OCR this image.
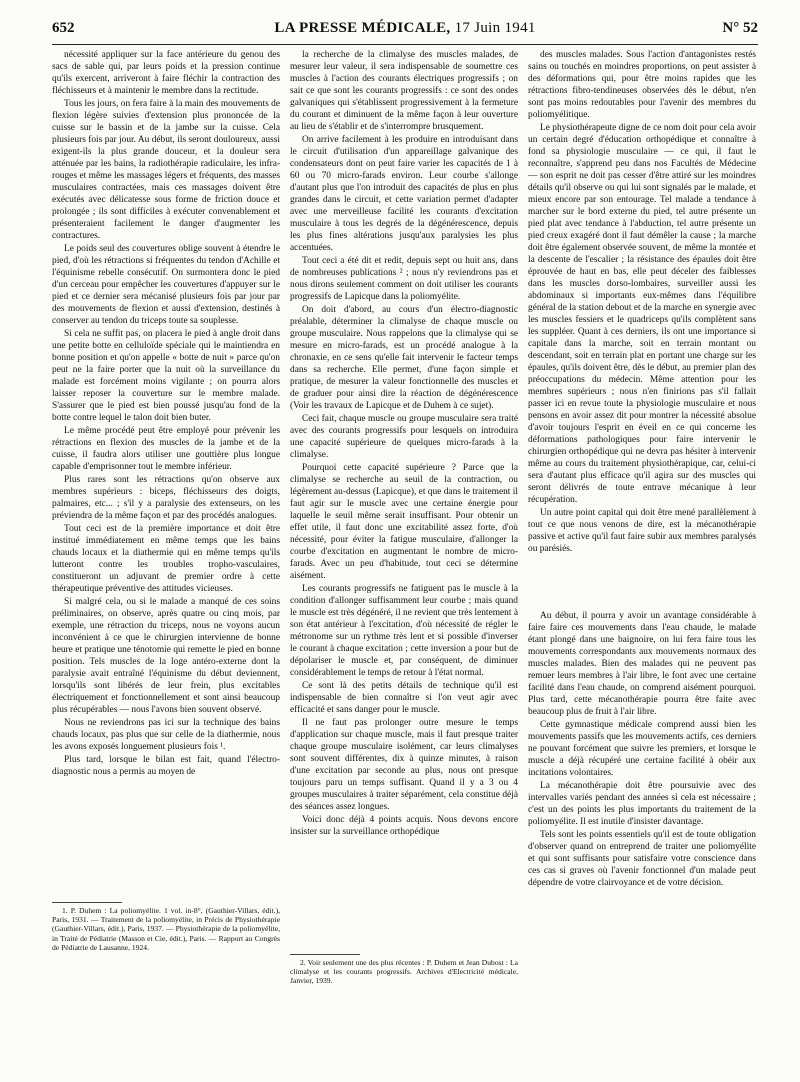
652	LA PRESSE MÉDICALE, 17 Juin 1941	N° 52

nécessité appliquer sur la face antérieure du genou des sacs de sable qui, par leurs poids et la pression continue qu'ils exercent, arriveront à faire fléchir la contraction des fléchisseurs et à maintenir le membre dans la rectitude.

Tous les jours, on fera faire à la main des mouvements de flexion légère suivies d'extension plus prononcée de la cuisse sur le bassin et de la jambe sur la cuisse. Cela plusieurs fois par jour. Au début, ils seront douloureux, aussi exigent-ils la plus grande douceur, et la douleur sera atténuée par les bains, la radiothérapie radiculaire, les infra-rouges et même les massages légers et fréquents, des masses musculaires contractées, mais ces massages doivent être exécutés avec délicatesse sous forme de friction douce et prolongée ; ils sont difficiles à exécuter convenablement et présenteraient facilement le danger d'augmenter les contractures.

Le poids seul des couvertures oblige souvent à étendre le pied, d'où les rétractions si fréquentes du tendon d'Achille et l'équinisme rebelle consécutif. On surmontera donc le pied d'un cerceau pour empêcher les couvertures d'appuyer sur le pied et ce dernier sera mécanisé plusieurs fois par jour par des mouvements de flexion et aussi d'extension, destinés à conserver au tendon du triceps toute sa souplesse.

Si cela ne suffit pas, on placera le pied à angle droit dans une petite botte en celluloïde spéciale qui le maintiendra en bonne position et qu'on appelle « botte de nuit » parce qu'on peut ne la faire porter que la nuit où la surveillance du malade est forcément moins vigilante ; on pourra alors laisser reposer la couverture sur le membre malade. S'assurer que le pied est bien poussé jusqu'au fond de la botte contre lequel le talon doit bien buter.

Le même procédé peut être employé pour prévenir les rétractions en flexion des muscles de la jambe et de la cuisse, il faudra alors utiliser une gouttière plus longue capable d'emprisonner tout le membre inférieur.

Plus rares sont les rétractions qu'on observe aux membres supérieurs : biceps, fléchisseurs des doigts, palmaires, etc... ; s'il y a paralysie des extenseurs, on les préviendra de la même façon et par des procédés analogues.

Tout ceci est de la première importance et doit être institué immédiatement en même temps que les bains chauds locaux et la diathermie qui en même temps qu'ils lutteront contre les troubles tropho-vasculaires, constitueront un adjuvant de premier ordre à cette thérapeutique préventive des attitudes vicieuses.

Si malgré cela, ou si le malade a manqué de ces soins préliminaires, on observe, après quatre ou cinq mois, par exemple, une rétraction du triceps, nous ne voyons aucun inconvénient à ce que le chirurgien intervienne de bonne heure et pratique une ténotomie qui remette le pied en bonne position. Tels muscles de la loge antéro-externe dont la paralysie avait entraîné l'équinisme du début deviennent, lorsqu'ils sont libérés de leur frein, plus excitables électriquement et fonctionnellement et sont ainsi beaucoup plus récupérables — nous l'avons bien souvent observé.

Nous ne reviendrons pas ici sur la technique des bains chauds locaux, pas plus que sur celle de la diathermie, nous les avons exposés longuement plusieurs fois ¹.

Plus tard, lorsque le bilan est fait, quand l'électro-diagnostic nous a permis au moyen de

la recherche de la climalyse des muscles malades, de mesurer leur valeur, il sera indispensable de soumettre ces muscles à l'action des courants électriques progressifs ; on sait ce que sont les courants progressifs : ce sont des ondes galvaniques qui s'établissent progressivement à la fermeture du courant et diminuent de la même façon à leur ouverture au lieu de s'établir et de s'interrompre brusquement.

On arrive facilement à les produire en introduisant dans le circuit d'utilisation d'un appareillage galvanique des condensateurs dont on peut faire varier les capacités de 1 à 60 ou 70 micro-farads environ. Leur courbe s'allonge d'autant plus que l'on introduit des capacités de plus en plus grandes dans le circuit, et cette variation permet d'adapter avec une merveilleuse facilité les courants d'excitation musculaire à tous les degrés de la dégénérescence, depuis les plus fines altérations jusqu'aux paralysies les plus accentuées.

Tout ceci a été dit et redit, depuis sept ou huit ans, dans de nombreuses publications ² ; nous n'y reviendrons pas et nous dirons seulement comment on doit utiliser les courants progressifs de Lapicque dans la poliomyélite.

On doit d'abord, au cours d'un électro-diagnostic préalable, déterminer la climalyse de chaque muscle ou groupe musculaire. Nous rappelons que la climalyse qui se mesure en micro-farads, est un procédé analogue à la chronaxie, en ce sens qu'elle fait intervenir le facteur temps dans sa recherche. Elle permet, d'une façon simple et pratique, de mesurer la valeur fonctionnelle des muscles et de graduer pour ainsi dire la réaction de dégénérescence (Voir les travaux de Lapicque et de Duhem à ce sujet).

Ceci fait, chaque muscle ou groupe musculaire sera traité avec des courants progressifs pour lesquels on introduira une capacité supérieure de quelques micro-farads à la climalyse.

Pourquoi cette capacité supérieure ? Parce que la climalyse se recherche au seuil de la contraction, ou légèrement au-dessus (Lapicque), et que dans le traitement il faut agir sur le muscle avec une certaine énergie pour laquelle le seuil même serait insuffisant. Pour obtenir un effet utile, il faut donc une excitabilité assez forte, d'où nécessité, pour éviter la fatigue musculaire, d'allonger la courbe d'excitation en augmentant le nombre de micro-farads. Avec un peu d'habitude, tout ceci se détermine aisément.

Les courants progressifs ne fatiguent pas le muscle à la condition d'allonger suffisamment leur courbe ; mais quand le muscle est très dégénéré, il ne revient que très lentement à son état antérieur à l'excitation, d'où nécessité de régler le métronome sur un rythme très lent et si possible d'inverser le courant à chaque excitation ; cette inversion a pour but de dépolariser le muscle et, par conséquent, de diminuer considérablement le temps de retour à l'état normal.

Ce sont là des petits détails de technique qu'il est indispensable de bien connaître si l'on veut agir avec efficacité et sans danger pour le muscle.

Il ne faut pas prolonger outre mesure le temps d'application sur chaque muscle, mais il faut presque traiter chaque groupe musculaire isolément, car leurs climalyses sont souvent différentes, dix à quinze minutes, à raison d'une excitation par seconde au plus, nous ont presque toujours paru un temps suffisant. Quand il y a 3 ou 4 groupes musculaires à traiter séparément, cela constitue déjà des séances assez longues.

Voici donc déjà 4 points acquis. Nous devons encore insister sur la surveillance orthopédique

des muscles malades. Sous l'action d'antagonistes restés sains ou touchés en moindres proportions, on peut assister à des déformations qui, pour être moins rapides que les rétractions fibro-tendineuses observées dès le début, n'en sont pas moins redoutables pour l'avenir des membres du poliomyélitique.

Le physiothérapeute digne de ce nom doit pour cela avoir un certain degré d'éducation orthopédique et connaître à fond sa physiologie musculaire — ce qui, il faut le reconnaître, s'apprend peu dans nos Facultés de Médecine — son esprit ne doit pas cesser d'être attiré sur les moindres détails qu'il observe ou qui lui sont signalés par le malade, et mieux encore par son entourage. Tel malade a tendance à marcher sur le bord externe du pied, tel autre présente un pied plat avec tendance à l'abduction, tel autre présente un pied creux exagéré dont il faut démêler la cause ; la marche doit être également observée souvent, de même la montée et la descente de l'escalier ; la résistance des épaules doit être éprouvée de haut en bas, elle peut déceler des faiblesses dans les muscles dorso-lombaires, surveiller aussi les abdominaux si importants eux-mêmes dans l'équilibre général de la station debout et de la marche en synergie avec les muscles fessiers et le quadriceps qu'ils complètent sans les suppléer. Quant à ces derniers, ils ont une importance si capitale dans la marche, soit en terrain montant ou descendant, soit en terrain plat en portant une charge sur les épaules, qu'ils doivent être, dès le début, au premier plan des préoccupations du médecin. Même attention pour les membres supérieurs ; nous n'en finirions pas s'il fallait passer ici en revue toute la physiologie musculaire et nous pensons en avoir assez dit pour montrer la nécessité absolue d'avoir toujours l'esprit en éveil en ce qui concerne les déformations pathologiques pour faire intervenir le chirurgien orthopédique qui ne devra pas hésiter à intervenir même au cours du traitement physiothérapique, car, celui-ci sera d'autant plus efficace qu'il agira sur des muscles qui seront délivrés de toute entrave mécanique à leur récupération.

Un autre point capital qui doit être mené parallèlement à tout ce que nous venons de dire, est la mécanothérapie passive et active qu'il faut faire subir aux membres paralysés ou parésiés.

Au début, il pourra y avoir un avantage considérable à faire faire ces mouvements dans l'eau chaude, le malade étant plongé dans une baignoire, on lui fera faire tous les mouvements correspondants aux mouvements normaux des muscles malades. Bien des malades qui ne peuvent pas remuer leurs membres à l'air libre, le font avec une certaine facilité dans l'eau chaude, on comprend aisément pourquoi. Plus tard, cette mécanothérapie pourra être faite avec beaucoup plus de fruit à l'air libre.

Cette gymnastique médicale comprend aussi bien les mouvements passifs que les mouvements actifs, ces derniers ne pouvant forcément que suivre les premiers, et lorsque le muscle a déjà récupéré une certaine facilité à obéir aux incitations volontaires.

La mécanothérapie doit être poursuivie avec des intervalles variés pendant des années si cela est nécessaire ; c'est un des points les plus importants du traitement de la poliomyélite. Il est inutile d'insister davantage.

Tels sont les points essentiels qu'il est de toute obligation d'observer quand on entreprend de traiter une poliomyélite et qui sont suffisants pour satisfaire votre conscience dans ces cas si graves où l'avenir fonctionnel d'un malade peut dépendre de votre clairvoyance et de votre décision.

1. P. Duhem : La poliomyélite. 1 vol. in-8°, (Gauthier-Villars, édit.), Paris, 1931. — Traitement de la poliomyélite, in Précis de Physiothérapie (Gauthier-Villars, édit.), Paris, 1937. — Physiothérapie de la poliomyélite, in Traité de Pédiatrie (Masson et Cie, édit.), Paris. — Rapport au Congrès de Pédiatrie de Lausanne, 1924.

2. Voir seulement une des plus récentes : P. Duhem et Jean Dubost : La climalyse et les courants progressifs. Archives d'Electricité médicale, Janvier, 1939.
